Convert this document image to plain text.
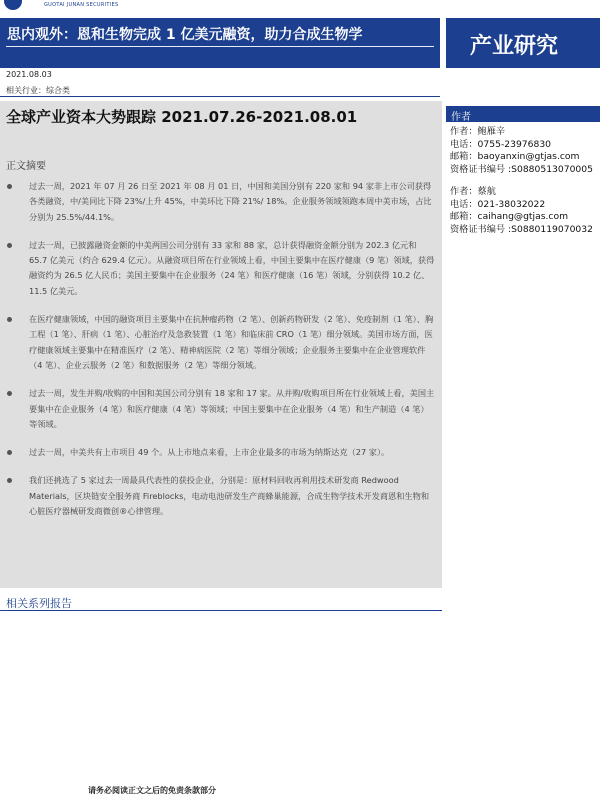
GUOTAI JUNAN SECURITIES
思内观外：恩和生物完成 1 亿美元融资，助力合成生物学	产业研究
2021.08.03
相关行业：综合类
作者
作者：鲍雁辛
电话：0755-23976830
邮箱：baoyanxin@gtjas.com
资格证书编号 :S0880513070005
作者：蔡航
电话：021-38032022
邮箱：caihang@gtjas.com
资格证书编号 :S0880119070032
全球产业资本大势跟踪 2021.07.26-2021.08.01
正文摘要
过去一周，2021 年 07 月 26 日至 2021 年 08 月 01 日，中国和美国分别有 220 家和 94 家非上市公司获得各类融资，中/美同比下降 23%/上升 45%，中美环比下降 21%/ 18%。企业服务领域领跑本周中美市场，占比分别为 25.5%/44.1%。
过去一周，已披露融资金额的中美两国公司分别有 33 家和 88 家，总计获得融资金额分别为 202.3 亿元和 65.7 亿美元（约合 629.4 亿元）。从融资项目所在行业领域上看，中国主要集中在医疗健康（9 笔）领域，获得融资约为 26.5 亿人民币；美国主要集中在企业服务（24 笔）和医疗健康（16 笔）领域，分别获得 10.2 亿、11.5 亿美元。
在医疗健康领域，中国的融资项目主要集中在抗肿瘤药物（2 笔）、创新药物研发（2 笔）、免疫制剂（1 笔）、胸工程（1 笔）、肝病（1 笔）、心脏治疗及急救装置（1 笔）和临床前 CRO（1 笔）细分领域。美国市场方面，医疗健康领域主要集中在精准医疗（2 笔）、精神病医院（2 笔）等细分领域；企业服务主要集中在企业管理软件（4 笔）、企业云服务（2 笔）和数据服务（2 笔）等细分领域。
过去一周，发生并购/收购的中国和美国公司分别有 18 家和 17 家。从并购/收购项目所在行业领域上看，美国主要集中在企业服务（4 笔）和医疗健康（4 笔）等领域；中国主要集中在企业服务（4 笔）和生产制造（4 笔）等领域。
过去一周，中美共有上市项目 49 个。从上市地点来看，上市企业最多的市场为纳斯达克（27 家）。
我们还挑选了 5 家过去一周最具代表性的获投企业，分别是：原材料回收再利用技术研发商 Redwood Materials，区块链安全服务商 Fireblocks，电动电池研发生产商蜂巢能源，合成生物学技术开发商恩和生物和心脏医疗器械研发商微创®心律管理。
相关系列报告
请务必阅读正文之后的免责条款部分
